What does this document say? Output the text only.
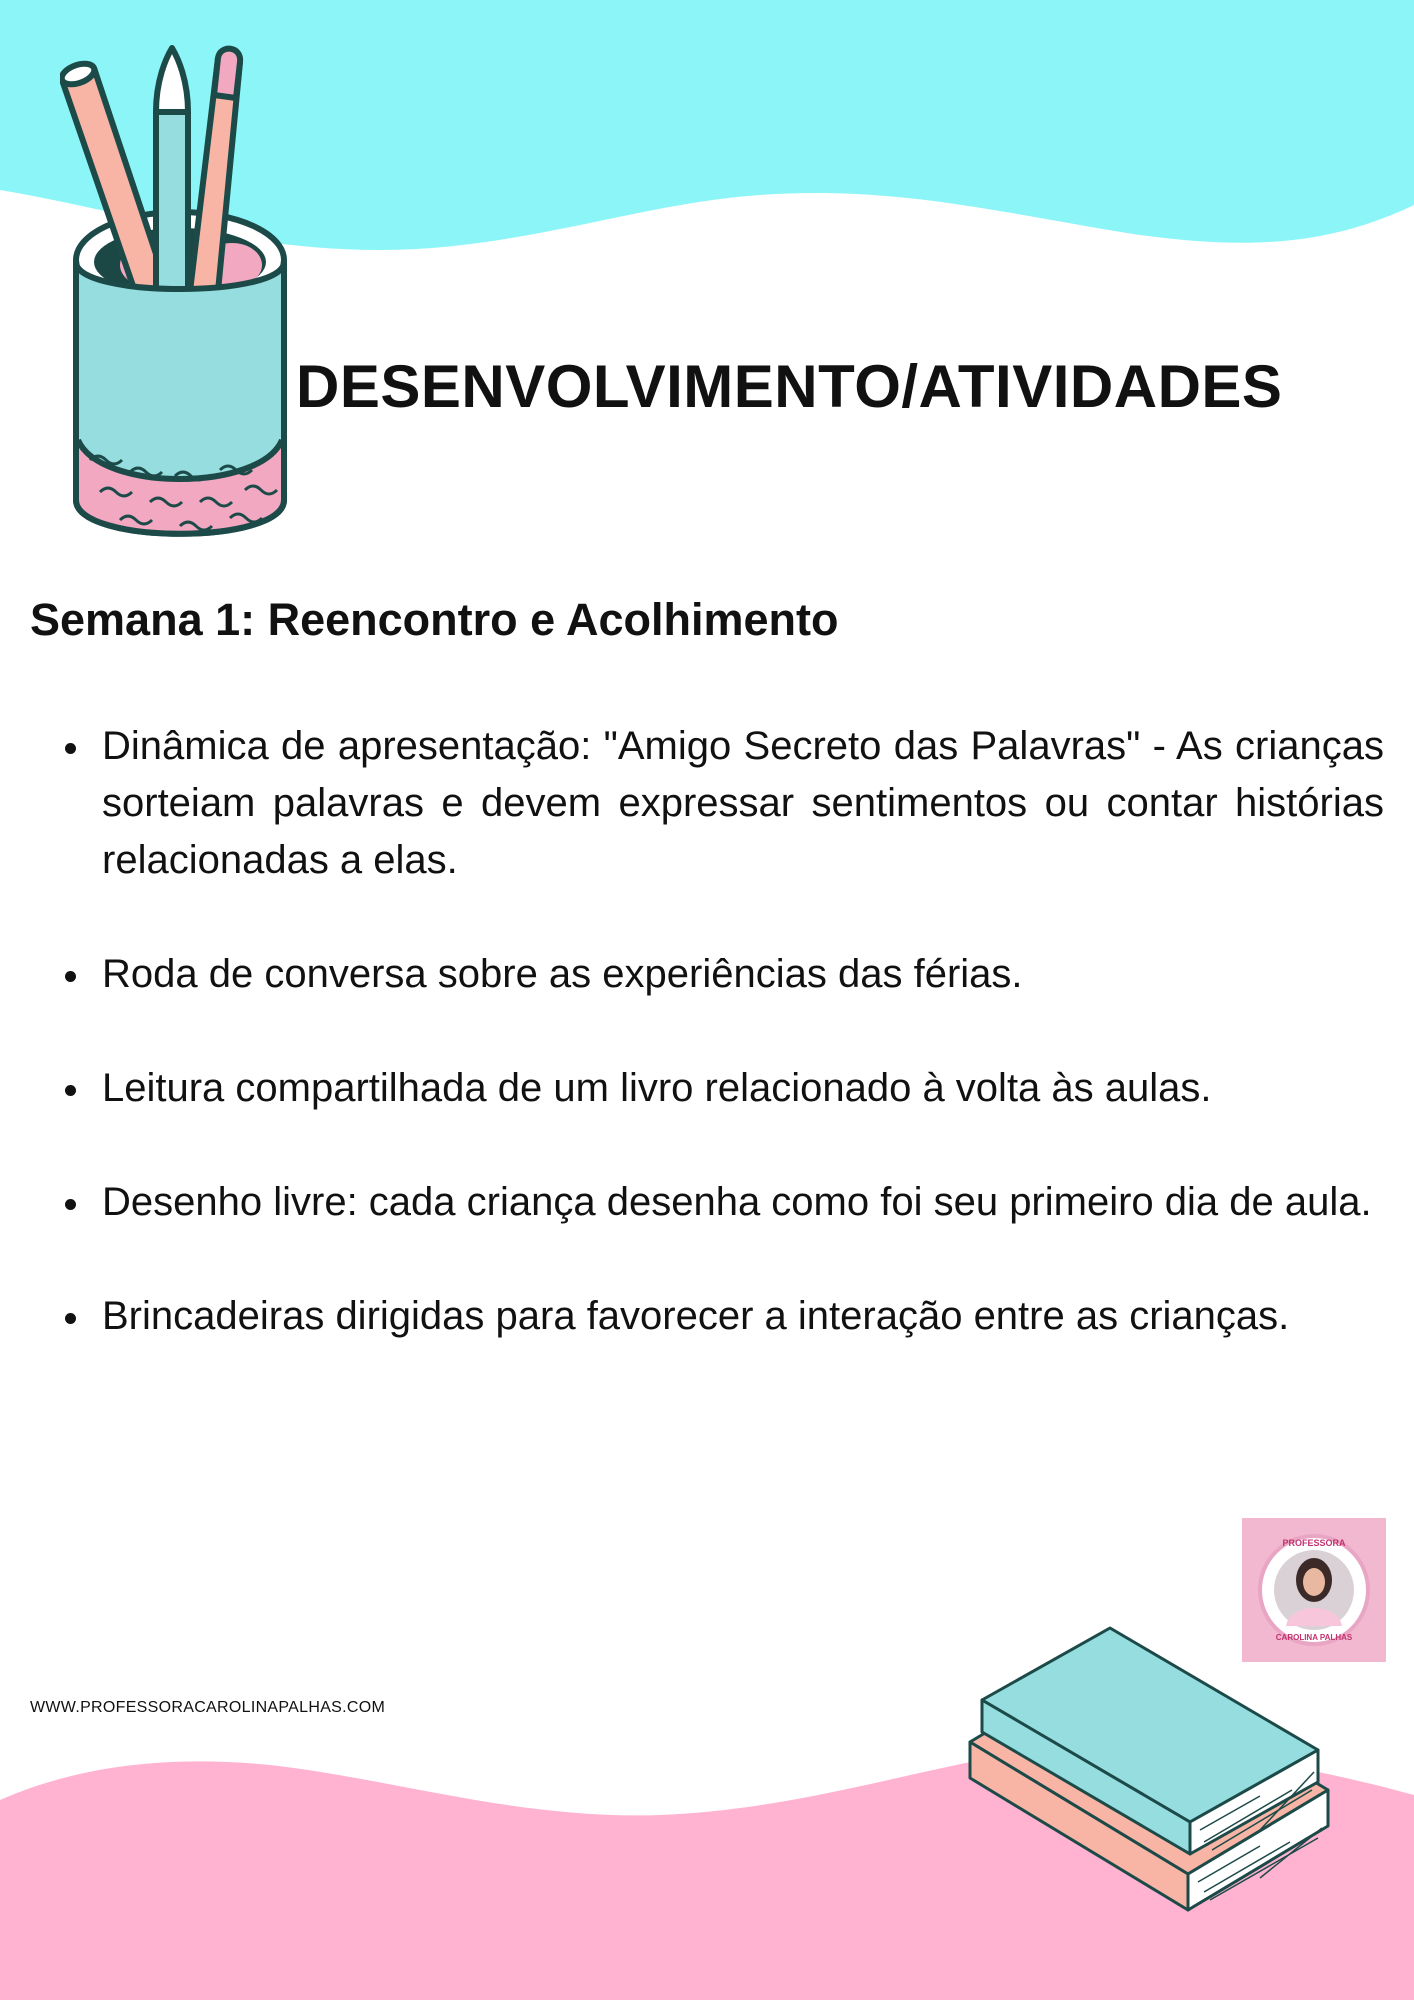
DESENVOLVIMENTO/ATIVIDADES
Semana 1: Reencontro e Acolhimento
Dinâmica de apresentação: "Amigo Secreto das Palavras" - As crianças sorteiam palavras e devem expressar sentimentos ou contar histórias relacionadas a elas.
Roda de conversa sobre as experiências das férias.
Leitura compartilhada de um livro relacionado à volta às aulas.
Desenho livre: cada criança desenha como foi seu primeiro dia de aula.
Brincadeiras dirigidas para favorecer a interação entre as crianças.
PROFESSORA
CAROLINA PALHAS

WWW.PROFESSORACAROLINAPALHAS.COM
